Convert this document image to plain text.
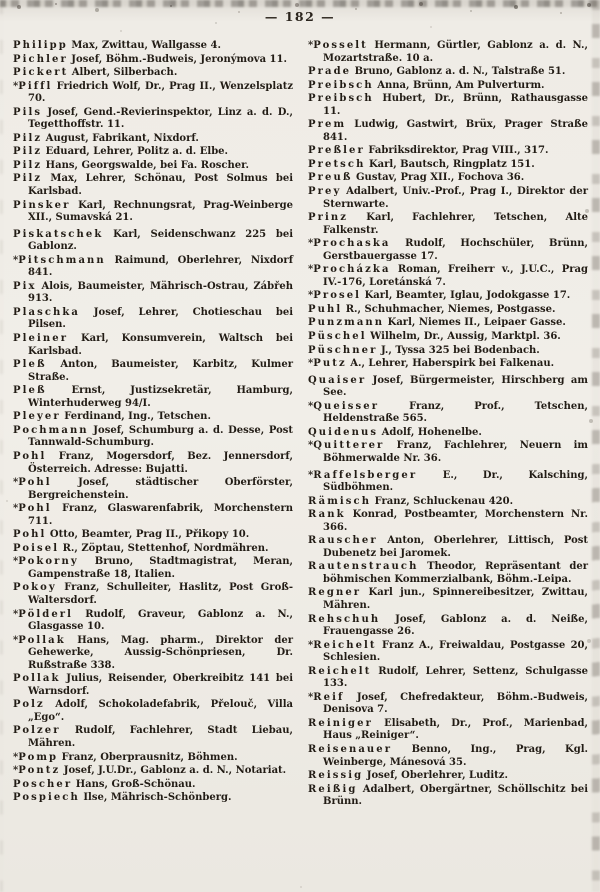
— 182 —

Philipp Max, Zwittau, Wallgasse 4.

Pichler Josef, Böhm.-Budweis, Jeronýmova 11.

Pickert Albert, Silberbach.

*Piffl Friedrich Wolf, Dr., Prag II., Wenzelsplatz 70.

Pils Josef, Gend.-Revierinspektor, Linz a. d. D., Tegetthoffstr. 11.

Pilz August, Fabrikant, Nixdorf.

Pilz Eduard, Lehrer, Politz a. d. Elbe.

Pilz Hans, Georgswalde, bei Fa. Roscher.

Pilz Max, Lehrer, Schönau, Post Solmus bei Karlsbad.

Pinsker Karl, Rechnungsrat, Prag-Weinberge XII., Sumavská 21.

Piskatschek Karl, Seidenschwanz 225 bei Gablonz.

*Pitschmann Raimund, Oberlehrer, Nixdorf 841.

Pix Alois, Baumeister, Mährisch-Ostrau, Zábřeh 913.

Plaschka Josef, Lehrer, Chotieschau bei Pilsen.

Pleiner Karl, Konsumverein, Waltsch bei Karlsbad.

Pleß Anton, Baumeister, Karbitz, Kulmer Straße.

Pleß Ernst, Justizsekretär, Hamburg, Winterhuderweg 94/I.

Pleyer Ferdinand, Ing., Tetschen.

Pochmann Josef, Schumburg a. d. Desse, Post Tannwald-Schumburg.

Pohl Franz, Mogersdorf, Bez. Jennersdorf, Österreich. Adresse: Bujatti.

*Pohl Josef, städtischer Oberförster, Bergreichenstein.

*Pohl Franz, Glaswarenfabrik, Morchenstern 711.

Pohl Otto, Beamter, Prag II., Přikopy 10.

Poisel R., Zöptau, Stettenhof, Nordmähren.

*Pokorny Bruno, Stadtmagistrat, Meran, Gampenstraße 18, Italien.

Pokoy Franz, Schulleiter, Haslitz, Post Groß-Waltersdorf.

*Pölderl Rudolf, Graveur, Gablonz a. N., Glasgasse 10.

*Pollak Hans, Mag. pharm., Direktor der Gehewerke, Aussig-Schönpriesen, Dr. Rußstraße 338.

Pollak Julius, Reisender, Oberkreibitz 141 bei Warnsdorf.

Polz Adolf, Schokoladefabrik, Přelouč, Villa „Ego“.

Polzer Rudolf, Fachlehrer, Stadt Liebau, Mähren.

*Pomp Franz, Oberprausnitz, Böhmen.

*Pontz Josef, J.U.Dr., Gablonz a. d. N., Notariat.

Poscher Hans, Groß-Schönau.

Pospiech Ilse, Mährisch-Schönberg.

*Posselt Hermann, Gürtler, Gablonz a. d. N., Mozartstraße. 10 a.

Prade Bruno, Gablonz a. d. N., Talstraße 51.

Preibsch Anna, Brünn, Am Pulverturm.

Preibsch Hubert, Dr., Brünn, Rathausgasse 11.

Prem Ludwig, Gastwirt, Brüx, Prager Straße 841.

Preßler Fabriksdirektor, Prag VIII., 317.

Pretsch Karl, Bautsch, Ringplatz 151.

Preuß Gustav, Prag XII., Fochova 36.

Prey Adalbert, Univ.-Prof., Prag I., Direktor der Sternwarte.

Prinz Karl, Fachlehrer, Tetschen, Alte Falkenstr.

*Prochaska Rudolf, Hochschüler, Brünn, Gerstbauergasse 17.

*Procházka Roman, Freiherr v., J.U.C., Prag IV.-176, Loretánská 7.

*Prosel Karl, Beamter, Iglau, Jodokgasse 17.

Puhl R., Schuhmacher, Niemes, Postgasse.

Punzmann Karl, Niemes II., Leipaer Gasse.

Püschel Wilhelm, Dr., Aussig, Marktpl. 36.

Püschner J., Tyssa 325 bei Bodenbach.

*Putz A., Lehrer, Haberspirk bei Falkenau.

Quaiser Josef, Bürgermeister, Hirschberg am See.

*Queisser Franz, Prof., Tetschen, Heldenstraße 565.

Quidenus Adolf, Hohenelbe.

*Quitterer Franz, Fachlehrer, Neuern im Böhmerwalde Nr. 36.

*Raffelsberger E., Dr., Kalsching, Südböhmen.

Rämisch Franz, Schluckenau 420.

Rank Konrad, Postbeamter, Morchenstern Nr. 366.

Rauscher Anton, Oberlehrer, Littisch, Post Dubenetz bei Jaromek.

Rautenstrauch Theodor, Repräsentant der böhmischen Kommerzialbank, Böhm.-Leipa.

Regner Karl jun., Spinnereibesitzer, Zwittau, Mähren.

Rehschuh Josef, Gablonz a. d. Neiße, Frauengasse 26.

*Reichelt Franz A., Freiwaldau, Postgasse 20, Schlesien.

Reichelt Rudolf, Lehrer, Settenz, Schulgasse 133.

*Reif Josef, Chefredakteur, Böhm.-Budweis, Denisova 7.

Reiniger Elisabeth, Dr., Prof., Marienbad, Haus „Reiniger“.

Reisenauer Benno, Ing., Prag, Kgl. Weinberge, Mánesová 35.

Reissig Josef, Oberlehrer, Luditz.

Reißig Adalbert, Obergärtner, Schöllschitz bei Brünn.
